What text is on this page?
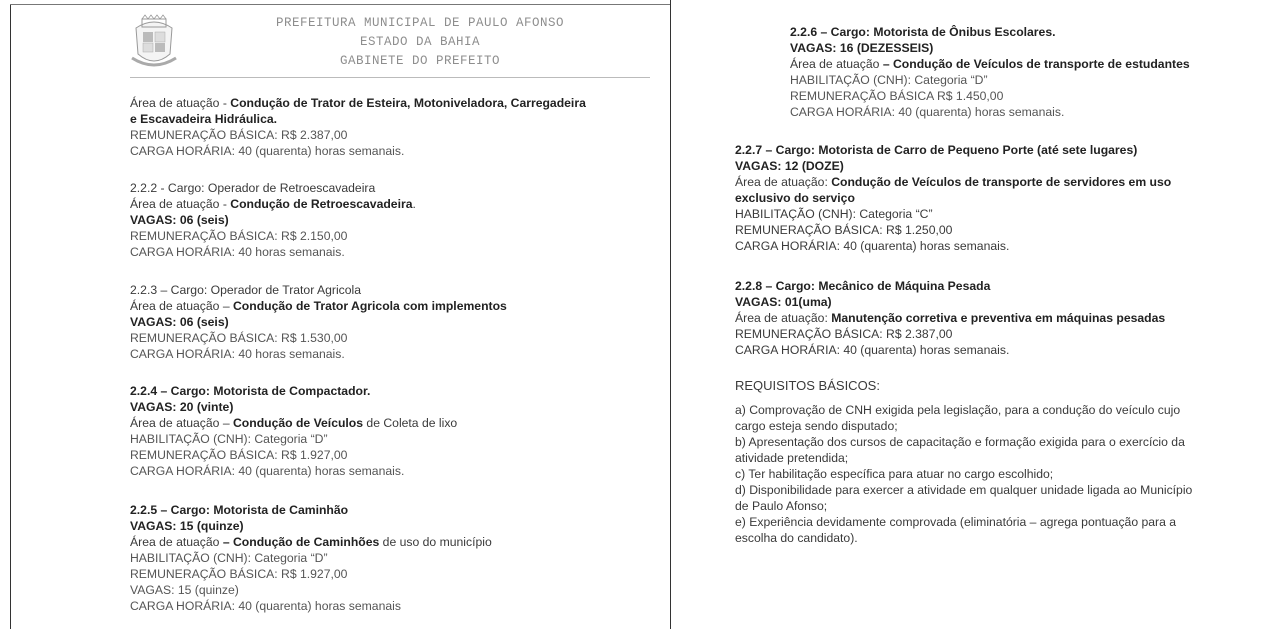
PREFEITURA MUNICIPAL DE PAULO AFONSO
ESTADO DA BAHIA
GABINETE DO PREFEITO
Área de atuação - Condução de Trator de Esteira, Motoniveladora, Carregadeira
e Escavadeira Hidráulica.
REMUNERAÇÃO BÁSICA: R$ 2.387,00
CARGA HORÁRIA: 40 (quarenta) horas semanais.
2.2.2 - Cargo: Operador de Retroescavadeira
Área de atuação - Condução de Retroescavadeira.
VAGAS: 06 (seis)
REMUNERAÇÃO BÁSICA: R$ 2.150,00
CARGA HORÁRIA: 40 horas semanais.
2.2.3 – Cargo: Operador de Trator Agricola
Área de atuação – Condução de Trator Agricola com implementos
VAGAS: 06 (seis)
REMUNERAÇÃO BÁSICA: R$ 1.530,00
CARGA HORÁRIA: 40 horas semanais.
2.2.4 – Cargo: Motorista de Compactador.
VAGAS: 20 (vinte)
Área de atuação – Condução de Veículos de Coleta de lixo
HABILITAÇÃO (CNH): Categoria “D”
REMUNERAÇÃO BÁSICA: R$ 1.927,00
CARGA HORÁRIA: 40 (quarenta) horas semanais.
2.2.5 – Cargo: Motorista de Caminhão
VAGAS: 15 (quinze)
Área de atuação – Condução de Caminhões de uso do município
HABILITAÇÃO (CNH): Categoria “D”
REMUNERAÇÃO BÁSICA: R$ 1.927,00
VAGAS: 15 (quinze)
CARGA HORÁRIA: 40 (quarenta) horas semanais
2.2.6 – Cargo: Motorista de Ônibus Escolares.
VAGAS: 16 (DEZESSEIS)
Área de atuação – Condução de Veículos de transporte de estudantes
HABILITAÇÃO (CNH): Categoria “D”
REMUNERAÇÃO BÁSICA R$ 1.450,00
CARGA HORÁRIA: 40 (quarenta) horas semanais.
2.2.7 – Cargo: Motorista de Carro de Pequeno Porte (até sete lugares)
VAGAS: 12 (DOZE)
Área de atuação: Condução de Veículos de transporte de servidores em uso
exclusivo do serviço
HABILITAÇÃO (CNH): Categoria “C”
REMUNERAÇÃO BÁSICA: R$ 1.250,00
CARGA HORÁRIA: 40 (quarenta) horas semanais.
2.2.8 – Cargo: Mecânico de Máquina Pesada
VAGAS: 01(uma)
Área de atuação: Manutenção corretiva e preventiva em máquinas pesadas
REMUNERAÇÃO BÁSICA: R$ 2.387,00
CARGA HORÁRIA: 40 (quarenta) horas semanais.
REQUISITOS BÁSICOS:
a) Comprovação de CNH exigida pela legislação, para a condução do veículo cujo
cargo esteja sendo disputado;
b) Apresentação dos cursos de capacitação e formação exigida para o exercício da
atividade pretendida;
c) Ter habilitação específica para atuar no cargo escolhido;
d) Disponibilidade para exercer a atividade em qualquer unidade ligada ao Município
de Paulo Afonso;
e) Experiência devidamente comprovada (eliminatória – agrega pontuação para a
escolha do candidato).
